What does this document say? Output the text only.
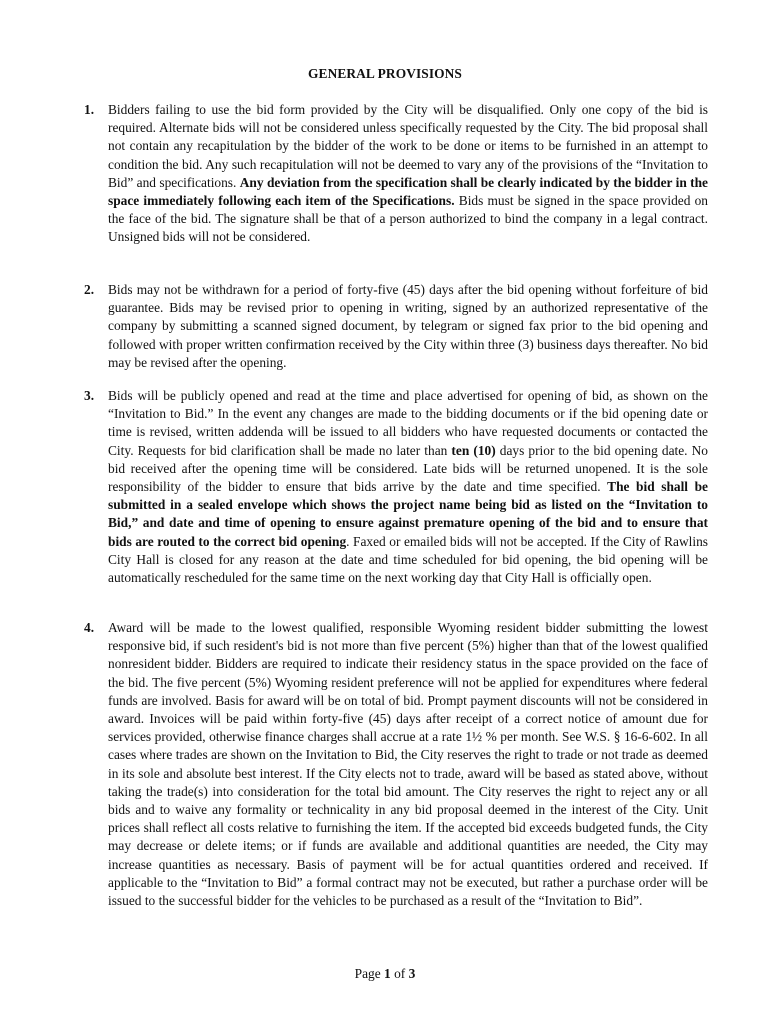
GENERAL PROVISIONS
1. Bidders failing to use the bid form provided by the City will be disqualified. Only one copy of the bid is required. Alternate bids will not be considered unless specifically requested by the City. The bid proposal shall not contain any recapitulation by the bidder of the work to be done or items to be furnished in an attempt to condition the bid. Any such recapitulation will not be deemed to vary any of the provisions of the “Invitation to Bid” and specifications. Any deviation from the specification shall be clearly indicated by the bidder in the space immediately following each item of the Specifications. Bids must be signed in the space provided on the face of the bid. The signature shall be that of a person authorized to bind the company in a legal contract. Unsigned bids will not be considered.
2. Bids may not be withdrawn for a period of forty-five (45) days after the bid opening without forfeiture of bid guarantee. Bids may be revised prior to opening in writing, signed by an authorized representative of the company by submitting a scanned signed document, by telegram or signed fax prior to the bid opening and followed with proper written confirmation received by the City within three (3) business days thereafter. No bid may be revised after the opening.
3. Bids will be publicly opened and read at the time and place advertised for opening of bid, as shown on the “Invitation to Bid.” In the event any changes are made to the bidding documents or if the bid opening date or time is revised, written addenda will be issued to all bidders who have requested documents or contacted the City. Requests for bid clarification shall be made no later than ten (10) days prior to the bid opening date. No bid received after the opening time will be considered. Late bids will be returned unopened. It is the sole responsibility of the bidder to ensure that bids arrive by the date and time specified. The bid shall be submitted in a sealed envelope which shows the project name being bid as listed on the “Invitation to Bid,” and date and time of opening to ensure against premature opening of the bid and to ensure that bids are routed to the correct bid opening. Faxed or emailed bids will not be accepted. If the City of Rawlins City Hall is closed for any reason at the date and time scheduled for bid opening, the bid opening will be automatically rescheduled for the same time on the next working day that City Hall is officially open.
4. Award will be made to the lowest qualified, responsible Wyoming resident bidder submitting the lowest responsive bid, if such resident's bid is not more than five percent (5%) higher than that of the lowest qualified nonresident bidder. Bidders are required to indicate their residency status in the space provided on the face of the bid. The five percent (5%) Wyoming resident preference will not be applied for expenditures where federal funds are involved. Basis for award will be on total of bid. Prompt payment discounts will not be considered in award. Invoices will be paid within forty-five (45) days after receipt of a correct notice of amount due for services provided, otherwise finance charges shall accrue at a rate 1½ % per month. See W.S. § 16-6-602. In all cases where trades are shown on the Invitation to Bid, the City reserves the right to trade or not trade as deemed in its sole and absolute best interest. If the City elects not to trade, award will be based as stated above, without taking the trade(s) into consideration for the total bid amount. The City reserves the right to reject any or all bids and to waive any formality or technicality in any bid proposal deemed in the interest of the City. Unit prices shall reflect all costs relative to furnishing the item. If the accepted bid exceeds budgeted funds, the City may decrease or delete items; or if funds are available and additional quantities are needed, the City may increase quantities as necessary. Basis of payment will be for actual quantities ordered and received. If applicable to the “Invitation to Bid” a formal contract may not be executed, but rather a purchase order will be issued to the successful bidder for the vehicles to be purchased as a result of the “Invitation to Bid”.
Page 1 of 3
